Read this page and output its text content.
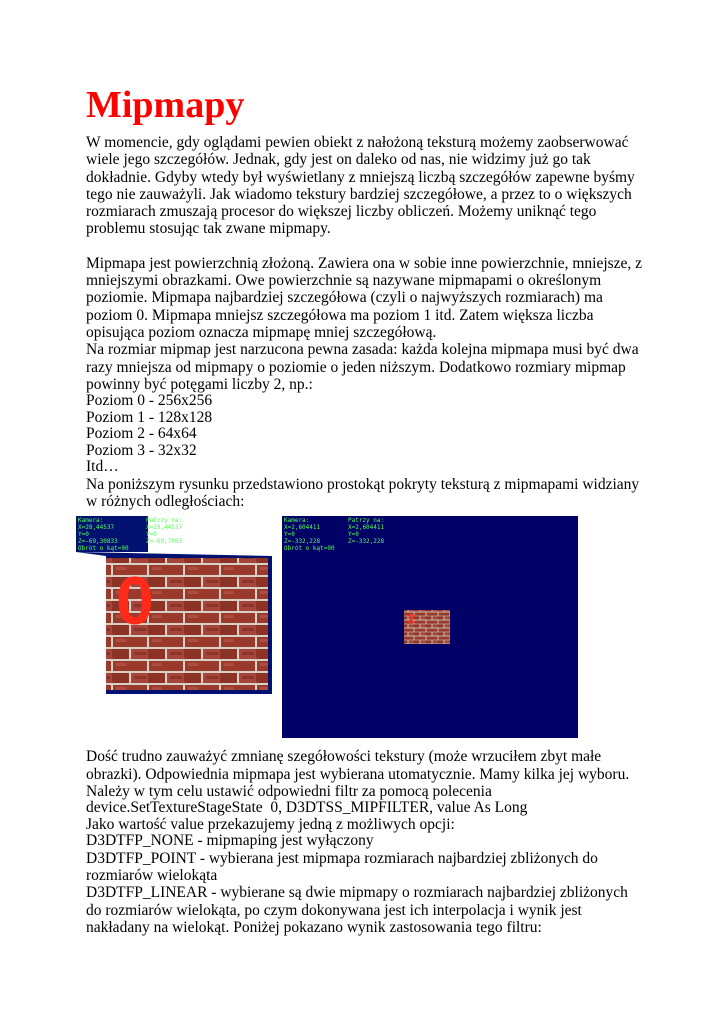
Mipmapy

W momencie, gdy oglądami pewien obiekt z nałożoną teksturą możemy zaobserwować wiele jego szczegółów. Jednak, gdy jest on daleko od nas, nie widzimy już go tak dokładnie. Gdyby wtedy był wyświetlany z mniejszą liczbą szczegółów zapewne byśmy tego nie zauważyli. Jak wiadomo tekstury bardziej szczegółowe, a przez to o większych rozmiarach zmuszają procesor do większej liczby obliczeń. Możemy uniknąć tego problemu stosując tak zwane mipmapy.

Mipmapa jest powierzchnią złożoną. Zawiera ona w sobie inne powierzchnie, mniejsze, z mniejszymi obrazkami. Owe powierzchnie są nazywane mipmapami o określonym poziomie. Mipmapa najbardziej szczegółowa (czyli o najwyższych rozmiarach) ma poziom 0. Mipmapa mniejsz szczegółowa ma poziom 1 itd. Zatem większa liczba opisująca poziom oznacza mipmapę mniej szczegółową.

Na rozmiar mipmap jest narzucona pewna zasada: każda kolejna mipmapa musi być dwa razy mniejsza od mipmapy o poziomie o jeden niższym. Dodatkowo rozmiary mipmap powinny być potęgami liczby 2, np.:

Poziom 0 - 256x256
Poziom 1 - 128x128
Poziom 2 - 64x64
Poziom 3 - 32x32
Itd…

Na poniższym rysunku przedstawiono prostokąt pokryty teksturą z mipmapami widziany w różnych odległościach:

Kamera:
X=28,44537
Y=0
Z=-69,30833
Obrót o kąt=90
Patrzy na:
X=28,44537
Y=0
Z=-69,7083
0
Kamera:
X=2,604411
Y=0
Z=-332,228
Obrót o kąt=90
Patrzy na:
X=2,604411
Y=0
Z=-332,228
2

Dość trudno zauważyć zmnianę szegółowości tekstury (może wrzuciłem zbyt małe obrazki). Odpowiednia mipmapa jest wybierana utomatycznie. Mamy kilka jej wyboru. Należy w tym celu ustawić odpowiedni filtr za pomocą polecenia

device.SetTextureStageState  0, D3DTSS_MIPFILTER, value As Long
Jako wartość value przekazujemy jedną z możliwych opcji:
D3DTFP_NONE - mipmaping jest wyłączony

D3DTFP_POINT - wybierana jest mipmapa rozmiarach najbardziej zbliżonych do rozmiarów wielokąta

D3DTFP_LINEAR - wybierane są dwie mipmapy o rozmiarach najbardziej zbliżonych do rozmiarów wielokąta, po czym dokonywana jest ich interpolacja i wynik jest nakładany na wielokąt. Poniżej pokazano wynik zastosowania tego filtru:
